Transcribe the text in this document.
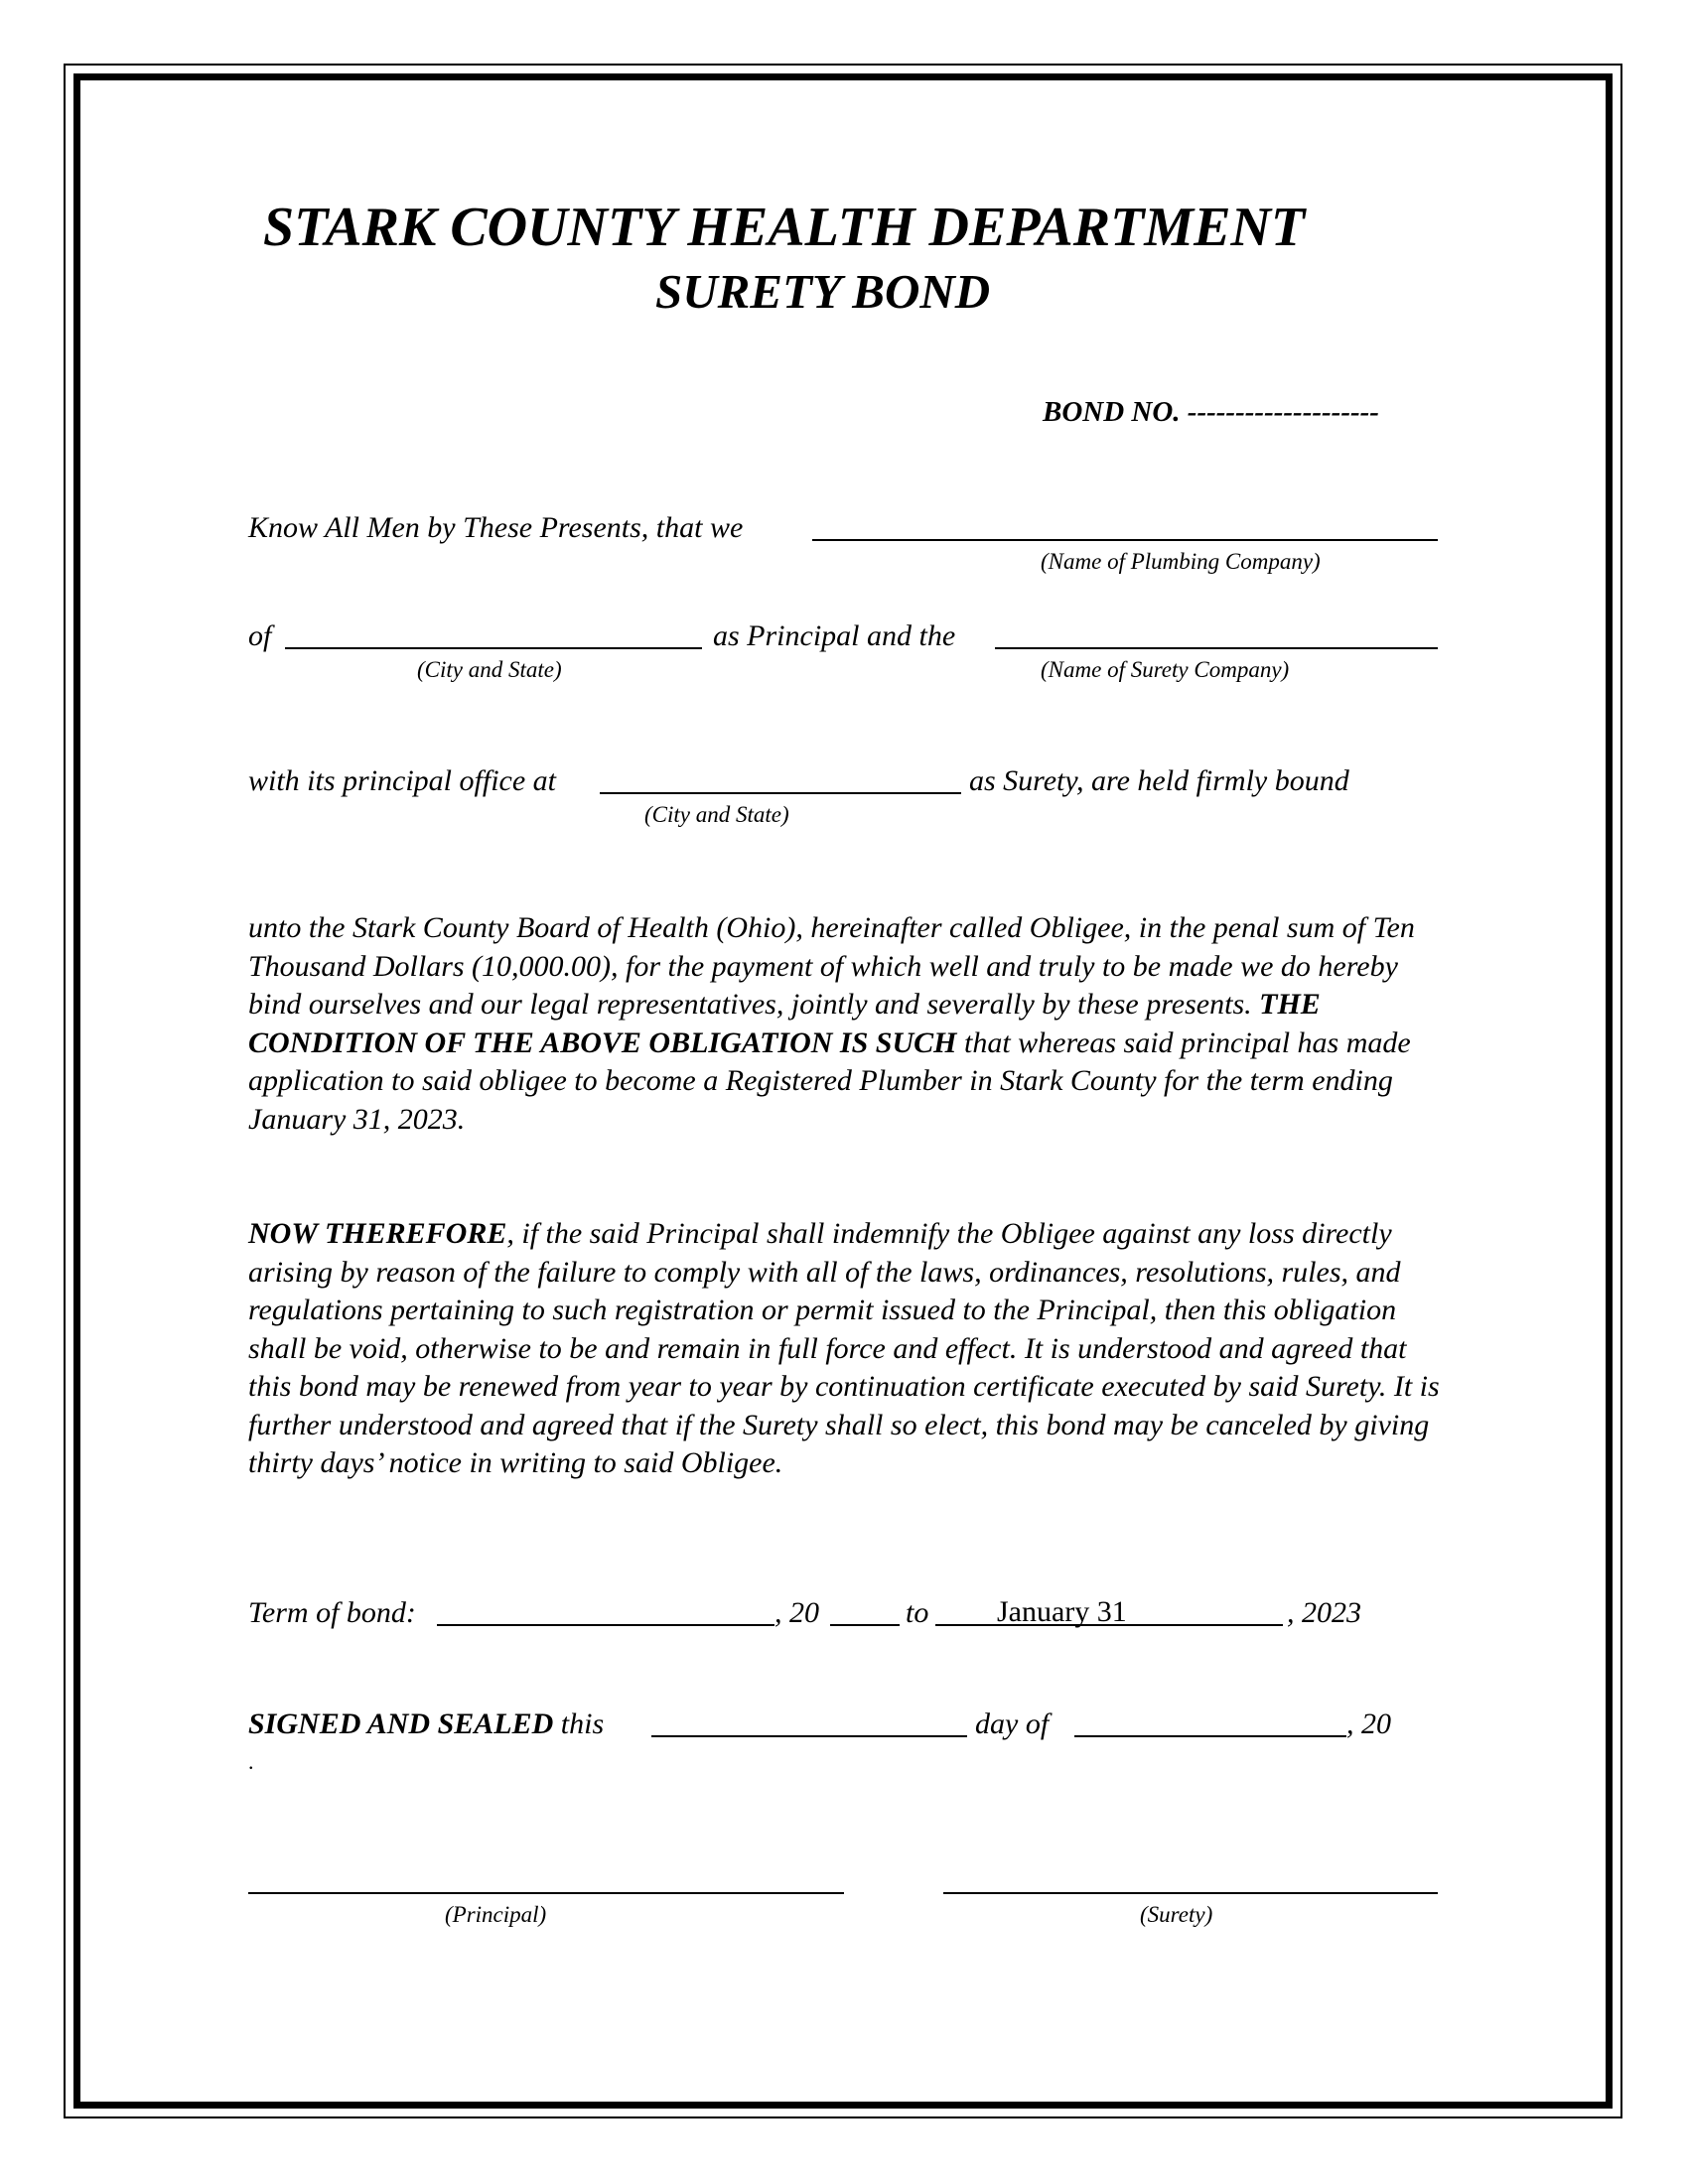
STARK COUNTY HEALTH DEPARTMENT
SURETY BOND
BOND NO. --------------------
Know All Men by These Presents, that we
(Name of Plumbing Company)
of	as Principal and the
(City and State)	(Name of Surety Company)
with its principal office at	as Surety, are held firmly bound
(City and State)
unto the Stark County Board of Health (Ohio), hereinafter called Obligee, in the penal sum of Ten Thousand Dollars (10,000.00), for the payment of which well and truly to be made we do hereby bind ourselves and our legal representatives, jointly and severally by these presents. THE CONDITION OF THE ABOVE OBLIGATION IS SUCH that whereas said principal has made application to said obligee to become a Registered Plumber in Stark County for the term ending January 31, 2023.
NOW THEREFORE, if the said Principal shall indemnify the Obligee against any loss directly arising by reason of the failure to comply with all of the laws, ordinances, resolutions, rules, and regulations pertaining to such registration or permit issued to the Principal, then this obligation shall be void, otherwise to be and remain in full force and effect. It is understood and agreed that this bond may be renewed from year to year by continuation certificate executed by said Surety. It is further understood and agreed that if the Surety shall so elect, this bond may be canceled by giving thirty days’ notice in writing to said Obligee.
Term of bond:	, 20	to January 31	, 2023
SIGNED AND SEALED this	day of	, 20
.
(Principal)	(Surety)
